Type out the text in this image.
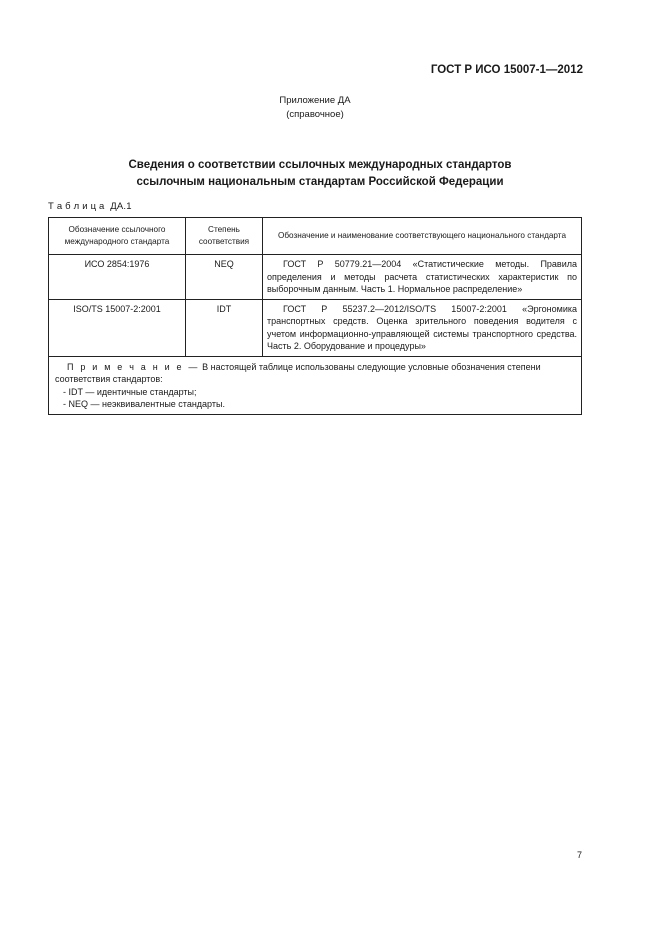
ГОСТ Р ИСО 15007-1—2012
Приложение ДА
(справочное)
Сведения о соответствии ссылочных международных стандартов
ссылочным национальным стандартам Российской Федерации
Т а б л и ц а  ДА.1
Обозначение ссылочного международного стандарта	Степень соответствия	Обозначение и наименование соответствующего национального стандарта
ИСО 2854:1976	NEQ	ГОСТ Р 50779.21—2004 «Статистические методы. Правила определения и методы расчета статистических характеристик по выборочным данным. Часть 1. Нормальное распределение»
ISO/TS 15007-2:2001	IDT	ГОСТ Р 55237.2—2012/ISO/TS 15007-2:2001 «Эргономика транспортных средств. Оценка зрительного поведения водителя с учетом информационно-управляющей системы транспортного средства. Часть 2. Оборудование и процедуры»

П р и м е ч а н и е — В настоящей таблице использованы следующие условные обозначения степени соответствия стандартов:
- IDT — идентичные стандарты;
- NEQ — неэквивалентные стандарты.		
7
